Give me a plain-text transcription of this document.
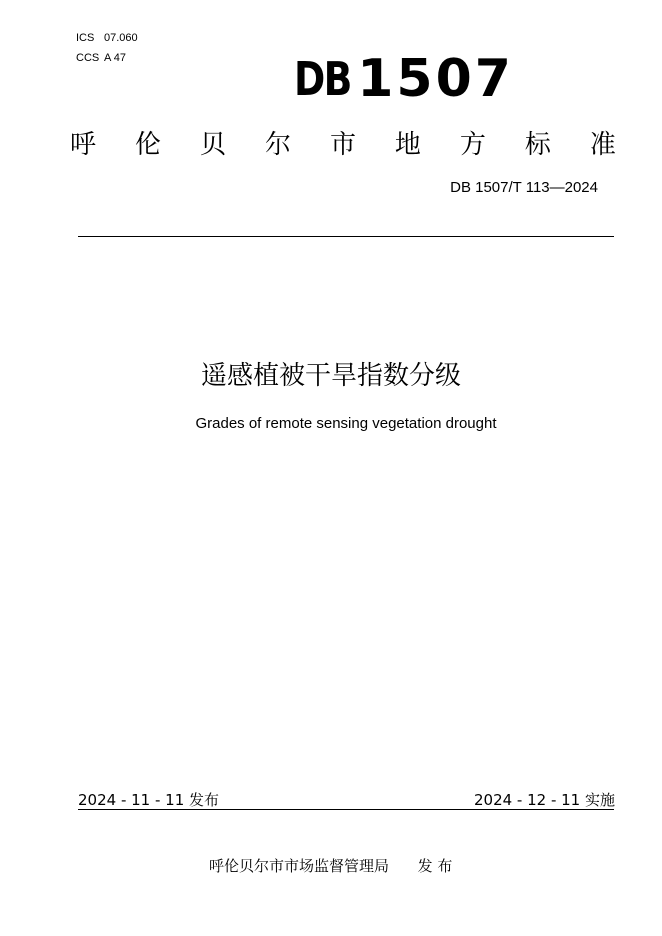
ICS 07.060
CCS A 47	DB 1507
呼 伦 贝 尔 市 地 方 标 准
DB 1507/T 113—2024
遥感植被干旱指数分级
Grades of remote sensing vegetation drought
2024 - 11 - 11 发布	2024 - 12 - 11 实施
呼伦贝尔市市场监督管理局      发 布
